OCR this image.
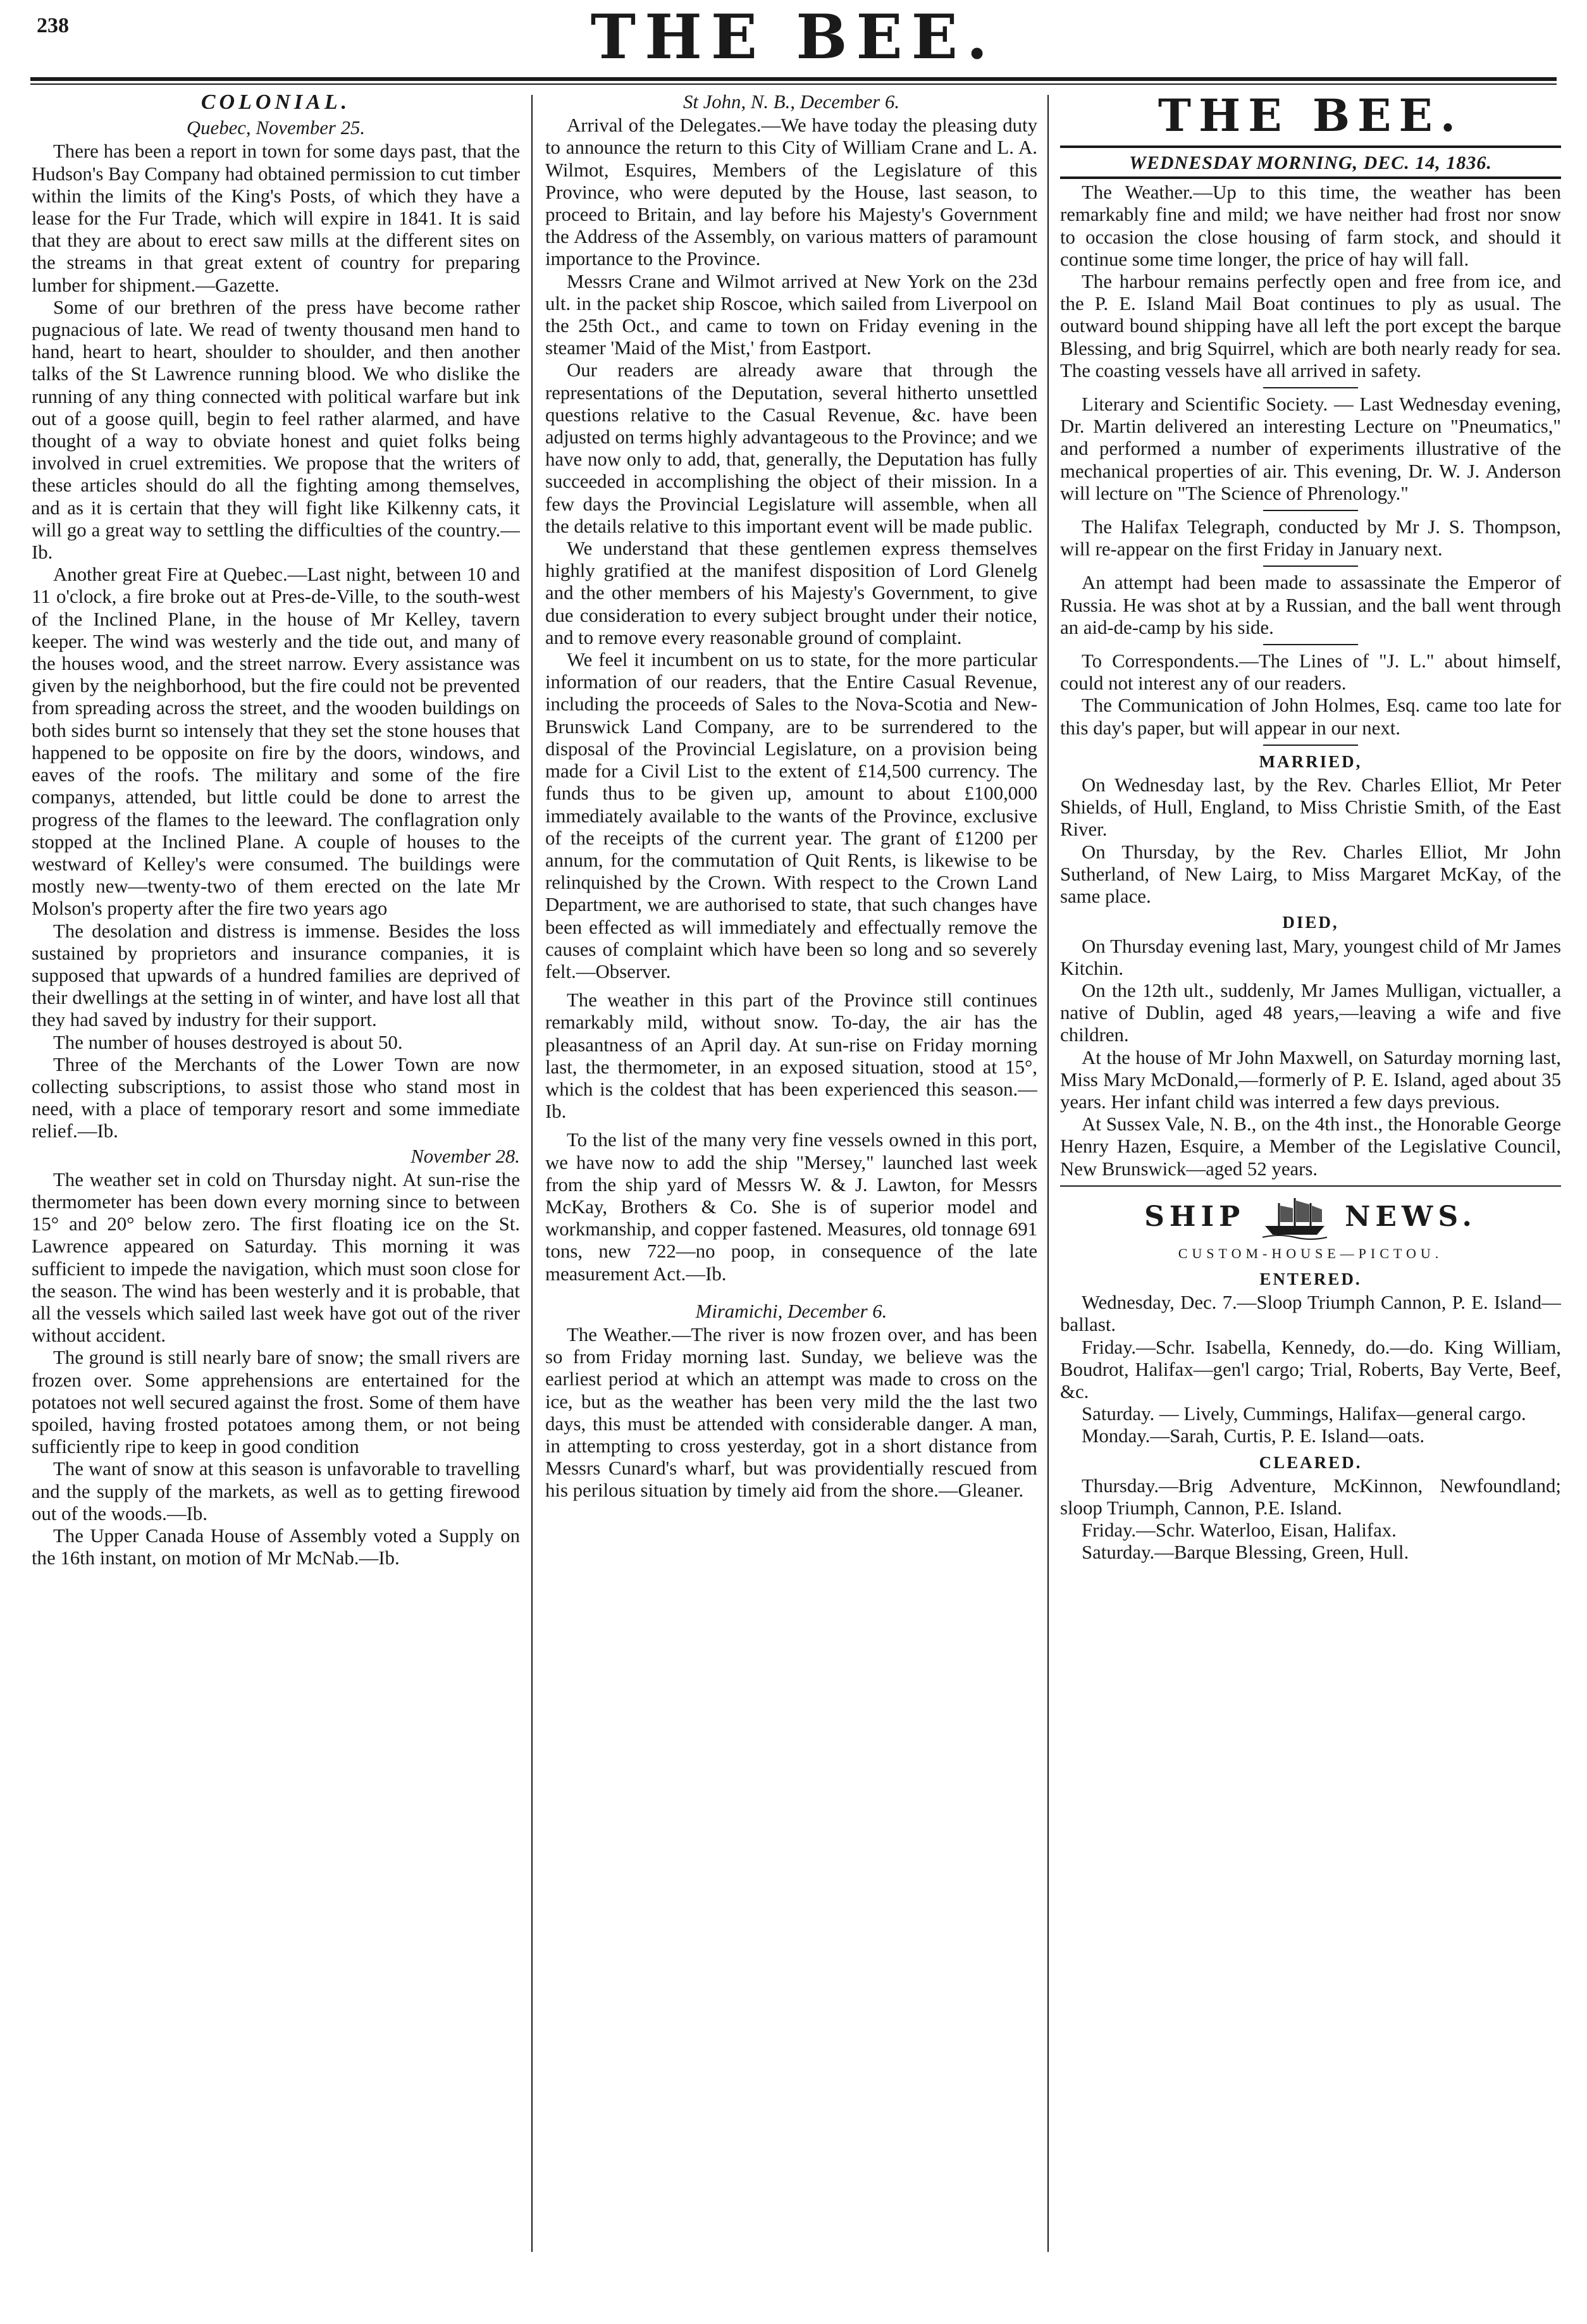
238	THE BEE.
COLONIAL.
Quebec, November 25.

There has been a report in town for some days past, that the Hudson's Bay Company had obtained permission to cut timber within the limits of the King's Posts, of which they have a lease for the Fur Trade, which will expire in 1841. It is said that they are about to erect saw mills at the different sites on the streams in that great extent of country for preparing lumber for shipment.—Gazette.

Some of our brethren of the press have become rather pugnacious of late. We read of twenty thousand men hand to hand, heart to heart, shoulder to shoulder, and then another talks of the St Lawrence running blood. We who dislike the running of any thing connected with political warfare but ink out of a goose quill, begin to feel rather alarmed, and have thought of a way to obviate honest and quiet folks being involved in cruel extremities. We propose that the writers of these articles should do all the fighting among themselves, and as it is certain that they will fight like Kilkenny cats, it will go a great way to settling the difficulties of the country.—Ib.

Another great Fire at Quebec.—Last night, between 10 and 11 o'clock, a fire broke out at Pres-de-Ville, to the south-west of the Inclined Plane, in the house of Mr Kelley, tavern keeper. The wind was westerly and the tide out, and many of the houses wood, and the street narrow. Every assistance was given by the neighborhood, but the fire could not be prevented from spreading across the street, and the wooden buildings on both sides burnt so intensely that they set the stone houses that happened to be opposite on fire by the doors, windows, and eaves of the roofs. The military and some of the fire companys, attended, but little could be done to arrest the progress of the flames to the leeward. The conflagration only stopped at the Inclined Plane. A couple of houses to the westward of Kelley's were consumed. The buildings were mostly new—twenty-two of them erected on the late Mr Molson's property after the fire two years ago

The desolation and distress is immense. Besides the loss sustained by proprietors and insurance companies, it is supposed that upwards of a hundred families are deprived of their dwellings at the setting in of winter, and have lost all that they had saved by industry for their support.

The number of houses destroyed is about 50.

Three of the Merchants of the Lower Town are now collecting subscriptions, to assist those who stand most in need, with a place of temporary resort and some immediate relief.—Ib.

November 28.

The weather set in cold on Thursday night. At sun-rise the thermometer has been down every morning since to between 15° and 20° below zero. The first floating ice on the St. Lawrence appeared on Saturday. This morning it was sufficient to impede the navigation, which must soon close for the season. The wind has been westerly and it is probable, that all the vessels which sailed last week have got out of the river without accident.

The ground is still nearly bare of snow; the small rivers are frozen over. Some apprehensions are entertained for the potatoes not well secured against the frost. Some of them have spoiled, having frosted potatoes among them, or not being sufficiently ripe to keep in good condition

The want of snow at this season is unfavorable to travelling and the supply of the markets, as well as to getting firewood out of the woods.—Ib.

The Upper Canada House of Assembly voted a Supply on the 16th instant, on motion of Mr McNab.—Ib.

St John, N. B., December 6.

Arrival of the Delegates.—We have today the pleasing duty to announce the return to this City of William Crane and L. A. Wilmot, Esquires, Members of the Legislature of this Province, who were deputed by the House, last season, to proceed to Britain, and lay before his Majesty's Government the Address of the Assembly, on various matters of paramount importance to the Province.

Messrs Crane and Wilmot arrived at New York on the 23d ult. in the packet ship Roscoe, which sailed from Liverpool on the 25th Oct., and came to town on Friday evening in the steamer 'Maid of the Mist,' from Eastport.

Our readers are already aware that through the representations of the Deputation, several hitherto unsettled questions relative to the Casual Revenue, &c. have been adjusted on terms highly advantageous to the Province; and we have now only to add, that, generally, the Deputation has fully succeeded in accomplishing the object of their mission. In a few days the Provincial Legislature will assemble, when all the details relative to this important event will be made public.

We understand that these gentlemen express themselves highly gratified at the manifest disposition of Lord Glenelg and the other members of his Majesty's Government, to give due consideration to every subject brought under their notice, and to remove every reasonable ground of complaint.

We feel it incumbent on us to state, for the more particular information of our readers, that the Entire Casual Revenue, including the proceeds of Sales to the Nova-Scotia and New-Brunswick Land Company, are to be surrendered to the disposal of the Provincial Legislature, on a provision being made for a Civil List to the extent of £14,500 currency. The funds thus to be given up, amount to about £100,000 immediately available to the wants of the Province, exclusive of the receipts of the current year. The grant of £1200 per annum, for the commutation of Quit Rents, is likewise to be relinquished by the Crown. With respect to the Crown Land Department, we are authorised to state, that such changes have been effected as will immediately and effectually remove the causes of complaint which have been so long and so severely felt.—Observer.

The weather in this part of the Province still continues remarkably mild, without snow. To-day, the air has the pleasantness of an April day. At sun-rise on Friday morning last, the thermometer, in an exposed situation, stood at 15°, which is the coldest that has been experienced this season.—Ib.

To the list of the many very fine vessels owned in this port, we have now to add the ship "Mersey," launched last week from the ship yard of Messrs W. & J. Lawton, for Messrs McKay, Brothers & Co. She is of superior model and workmanship, and copper fastened. Measures, old tonnage 691 tons, new 722—no poop, in consequence of the late measurement Act.—Ib.

Miramichi, December 6.

The Weather.—The river is now frozen over, and has been so from Friday morning last. Sunday, we believe was the earliest period at which an attempt was made to cross on the ice, but as the weather has been very mild the the last two days, this must be attended with considerable danger. A man, in attempting to cross yesterday, got in a short distance from Messrs Cunard's wharf, but was providentially rescued from his perilous situation by timely aid from the shore.—Gleaner.

THE BEE.
WEDNESDAY MORNING, DEC. 14, 1836.

The Weather.—Up to this time, the weather has been remarkably fine and mild; we have neither had frost nor snow to occasion the close housing of farm stock, and should it continue some time longer, the price of hay will fall.

The harbour remains perfectly open and free from ice, and the P. E. Island Mail Boat continues to ply as usual. The outward bound shipping have all left the port except the barque Blessing, and brig Squirrel, which are both nearly ready for sea. The coasting vessels have all arrived in safety.

Literary and Scientific Society. — Last Wednesday evening, Dr. Martin delivered an interesting Lecture on "Pneumatics," and performed a number of experiments illustrative of the mechanical properties of air. This evening, Dr. W. J. Anderson will lecture on "The Science of Phrenology."

The Halifax Telegraph, conducted by Mr J. S. Thompson, will re-appear on the first Friday in January next.

An attempt had been made to assassinate the Emperor of Russia. He was shot at by a Russian, and the ball went through an aid-de-camp by his side.

To Correspondents.—The Lines of "J. L." about himself, could not interest any of our readers.

The Communication of John Holmes, Esq. came too late for this day's paper, but will appear in our next.

MARRIED,

On Wednesday last, by the Rev. Charles Elliot, Mr Peter Shields, of Hull, England, to Miss Christie Smith, of the East River.

On Thursday, by the Rev. Charles Elliot, Mr John Sutherland, of New Lairg, to Miss Margaret McKay, of the same place.

DIED,

On Thursday evening last, Mary, youngest child of Mr James Kitchin.

On the 12th ult., suddenly, Mr James Mulligan, victualler, a native of Dublin, aged 48 years,—leaving a wife and five children.

At the house of Mr John Maxwell, on Saturday morning last, Miss Mary McDonald,—formerly of P. E. Island, aged about 35 years. Her infant child was interred a few days previous.

At Sussex Vale, N. B., on the 4th inst., the Honorable George Henry Hazen, Esquire, a Member of the Legislative Council, New Brunswick—aged 52 years.

SHIP	NEWS.
CUSTOM-HOUSE—PICTOU.
ENTERED.

Wednesday, Dec. 7.—Sloop Triumph Cannon, P. E. Island—ballast.

Friday.—Schr. Isabella, Kennedy, do.—do. King William, Boudrot, Halifax—gen'l cargo; Trial, Roberts, Bay Verte, Beef, &c.

Saturday. — Lively, Cummings, Halifax—general cargo.

Monday.—Sarah, Curtis, P. E. Island—oats.

CLEARED.

Thursday.—Brig Adventure, McKinnon, Newfoundland; sloop Triumph, Cannon, P.E. Island.

Friday.—Schr. Waterloo, Eisan, Halifax.

Saturday.—Barque Blessing, Green, Hull.
